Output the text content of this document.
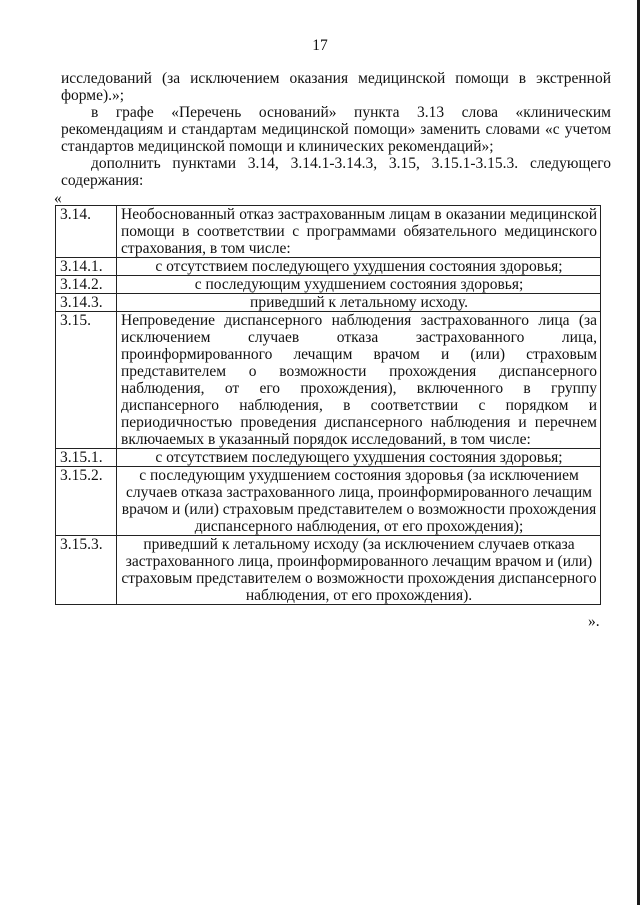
17

исследований (за исключением оказания медицинской помощи в экстренной форме).»;

в графе «Перечень оснований» пункта 3.13 слова «клиническим рекомендациям и стандартам медицинской помощи» заменить словами «с учетом стандартов медицинской помощи и клинических рекомендаций»;

дополнить пунктами 3.14, 3.14.1-3.14.3, 3.15, 3.15.1-3.15.3. следующего содержания:

«
3.14.	Необоснованный отказ застрахованным лицам в оказании медицинской помощи в соответствии с программами обязательного медицинского страхования, в том числе:
3.14.1.	с отсутствием последующего ухудшения состояния здоровья;
3.14.2.	с последующим ухудшением состояния здоровья;
3.14.3.	приведший к летальному исходу.
3.15.	Непроведение диспансерного наблюдения застрахованного лица (за исключением случаев отказа застрахованного лица, проинформированного лечащим врачом и (или) страховым представителем о возможности прохождения диспансерного наблюдения, от его прохождения), включенного в группу диспансерного наблюдения, в соответствии с порядком и периодичностью проведения диспансерного наблюдения и перечнем включаемых в указанный порядок исследований, в том числе:
3.15.1.	с отсутствием последующего ухудшения состояния здоровья;
3.15.2.	с последующим ухудшением состояния здоровья (за исключением случаев отказа застрахованного лица, проинформированного лечащим врачом и (или) страховым представителем о возможности прохождения диспансерного наблюдения, от его прохождения);
3.15.3.	приведший к летальному исходу (за исключением случаев отказа застрахованного лица, проинформированного лечащим врачом и (или) страховым представителем о возможности прохождения диспансерного наблюдения, от его прохождения).
».
